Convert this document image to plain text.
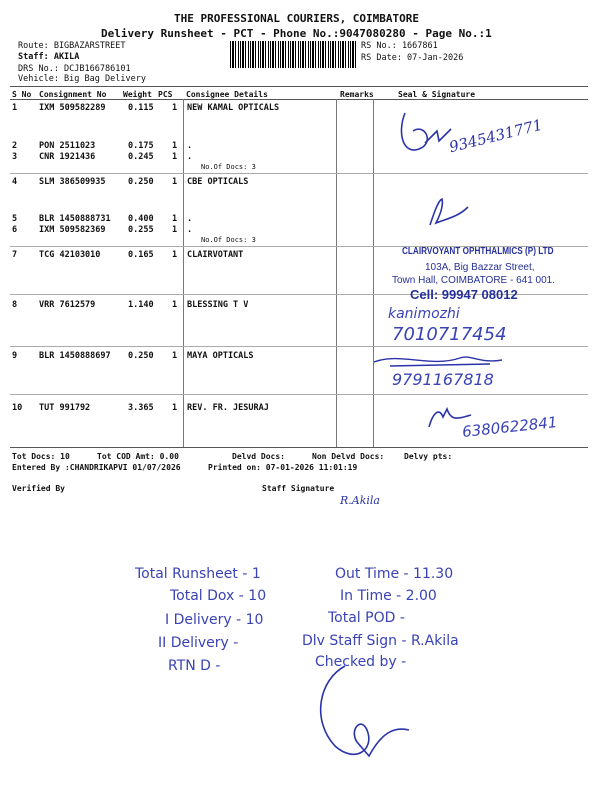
THE PROFESSIONAL COURIERS, COIMBATORE
Delivery Runsheet - PCT - Phone No.:9047080280 - Page No.:1
Route: BIGBAZARSTREET
Staff: AKILA
DRS No.: DCJB166786101
Vehicle: Big Bag Delivery
RS No.: 1667861
RS Date: 07-Jan-2026
S No Consignment No Weight PCS Consignee Details	Remarks	Seal & Signature
1	IXM 509582289	0.115 1 NEW KAMAL OPTICALS
2	PON 2511023	0.175 1 .
3	CNR 1921436	0.245 1 .
No.Of Docs: 3
4	SLM 386509935	0.250 1 CBE OPTICALS
5	BLR 1450888731 0.400 1 .
6	IXM 509582369	0.255 1 .
No.Of Docs: 3
7	TCG 42103010	0.165 1 CLAIRVOTANT
8	VRR 7612579	1.140 1 BLESSING T V
9	BLR 1450888697 0.250 1 MAYA OPTICALS
10 TUT 991792	3.365 1 REV. FR. JESURAJ
Tot Docs: 10	Tot COD Amt: 0.00	Delvd Docs:	Non Delvd Docs: Delvy pts:
Entered By :CHANDRIKAPVI 01/07/2026	Printed on: 07-01-2026 11:01:19
Verified By	Staff Signature
9345431771
CLAIRVOYANT OPHTHALMICS (P) LTD
103A, Big Bazzar Street,
Town Hall, COIMBATORE - 641 001.
Cell: 99947 08012
kanimozhi
7010717454
9791167818
6380622841
R.Akila
Total Runsheet - 1
Total Dox - 10
I Delivery - 10
II Delivery -
RTN D -
Out Time - 11.30
In Time - 2.00
Total POD -
Dlv Staff Sign - R.Akila
Checked by -
